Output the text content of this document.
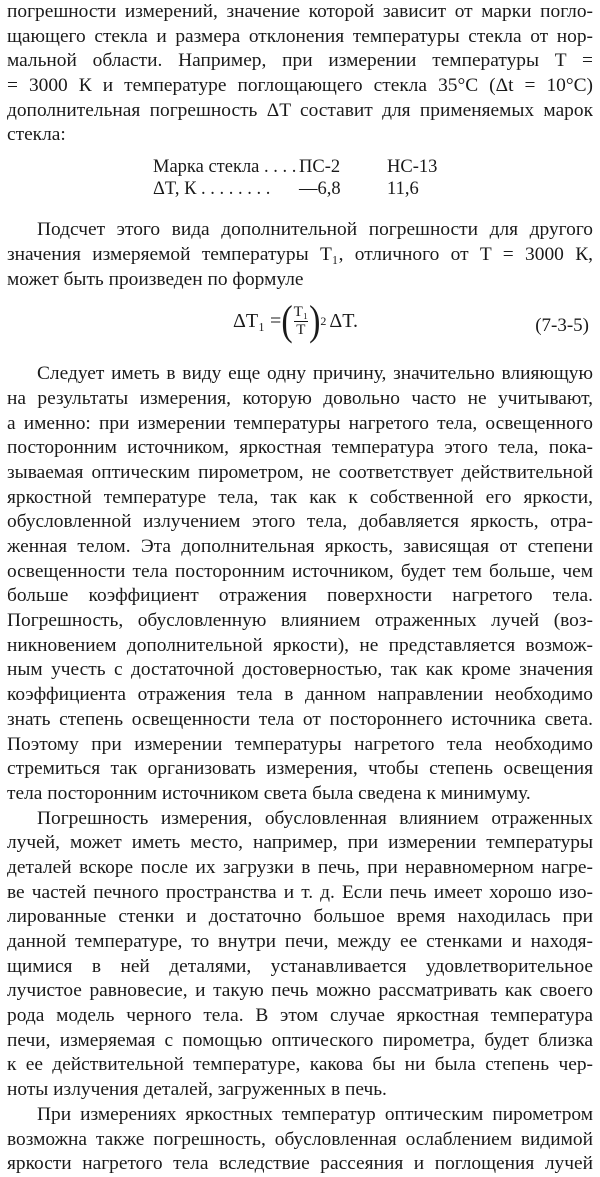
погрешности измерений, значение которой зависит от марки погло-
щающего стекла и размера отклонения температуры стекла от нор-
мальной области. Например, при измерении температуры T =
= 3000 К и температуре поглощающего стекла 35°С (Δt = 10°С)
дополнительная погрешность ΔT составит для применяемых марок
стекла:
Марка стекла . . . . ПС-2	НС-13
ΔT, К . . . . . . . .	—6,8	11,6
Подсчет этого вида дополнительной погрешности для другого
значения измеряемой температуры T₁, отличного от T = 3000 К,
может быть произведен по формуле
ΔT₁ = ( $\frac{\text{T₁}}{T}$ ) 2 ΔT.	(7-3-5)
Следует иметь в виду еще одну причину, значительно влияющую
на результаты измерения, которую довольно часто не учитывают,
а именно: при измерении температуры нагретого тела, освещенного
посторонним источником, яркостная температура этого тела, пока-
зываемая оптическим пирометром, не соответствует действительной
яркостной температуре тела, так как к собственной его яркости,
обусловленной излучением этого тела, добавляется яркость, отра-
женная телом. Эта дополнительная яркость, зависящая от степени
освещенности тела посторонним источником, будет тем больше, чем
больше коэффициент отражения поверхности нагретого тела.
Погрешность, обусловленную влиянием отраженных лучей (воз-
никновением дополнительной яркости), не представляется возмож-
ным учесть с достаточной достоверностью, так как кроме значения
коэффициента отражения тела в данном направлении необходимо
знать степень освещенности тела от постороннего источника света.
Поэтому при измерении температуры нагретого тела необходимо
стремиться так организовать измерения, чтобы степень освещения
тела посторонним источником света была сведена к минимуму.
Погрешность измерения, обусловленная влиянием отраженных
лучей, может иметь место, например, при измерении температуры
деталей вскоре после их загрузки в печь, при неравномерном нагре-
ве частей печного пространства и т. д. Если печь имеет хорошо изо-
лированные стенки и достаточно большое время находилась при
данной температуре, то внутри печи, между ее стенками и находя-
щимися в ней деталями, устанавливается удовлетворительное
лучистое равновесие, и такую печь можно рассматривать как своего
рода модель черного тела. В этом случае яркостная температура
печи, измеряемая с помощью оптического пирометра, будет близка
к ее действительной температуре, какова бы ни была степень чер-
ноты излучения деталей, загруженных в печь.
При измерениях яркостных температур оптическим пирометром
возможна также погрешность, обусловленная ослаблением видимой
яркости нагретого тела вследствие рассеяния и поглощения лучей
